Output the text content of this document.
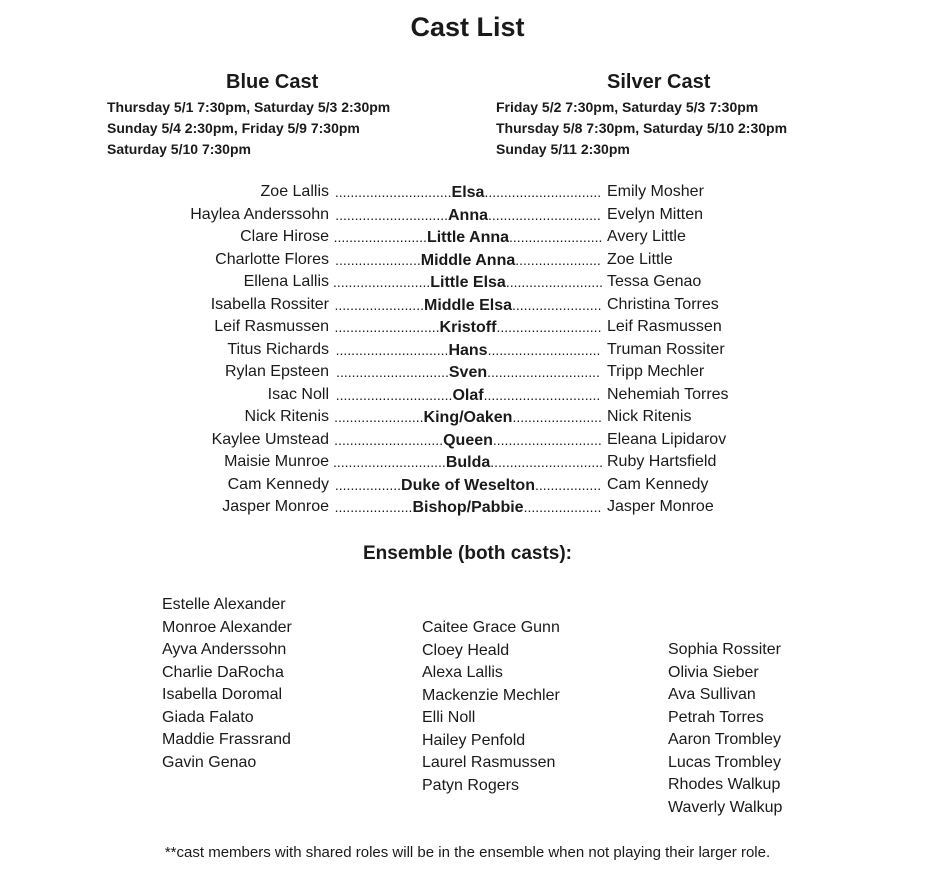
Cast List
Blue Cast	Silver Cast
Thursday 5/1 7:30pm, Saturday 5/3 2:30pm
Sunday 5/4 2:30pm, Friday 5/9 7:30pm
Saturday 5/10 7:30pm
Friday 5/2 7:30pm, Saturday 5/3 7:30pm
Thursday 5/8 7:30pm, Saturday 5/10 2:30pm
Sunday 5/11 2:30pm
Zoe Lallis ..............................Elsa.............................. Emily Mosher
Haylea Anderssohn .............................Anna............................. Evelyn Mitten
Clare Hirose ........................Little Anna........................ Avery Little
Charlotte Flores ......................Middle Anna...................... Zoe Little
Ellena Lallis .........................Little Elsa......................... Tessa Genao
Isabella Rossiter .......................Middle Elsa....................... Christina Torres
Leif Rasmussen ...........................Kristoff........................... Leif Rasmussen
Titus Richards .............................Hans............................. Truman Rossiter
Rylan Epsteen .............................Sven............................. Tripp Mechler
Isac Noll ..............................Olaf.............................. Nehemiah Torres
Nick Ritenis .......................King/Oaken....................... Nick Ritenis
Kaylee Umstead ............................Queen............................ Eleana Lipidarov
Maisie Munroe .............................Bulda............................. Ruby Hartsfield
Cam Kennedy .................Duke of Weselton................. Cam Kennedy
Jasper Monroe ....................Bishop/Pabbie.................... Jasper Monroe
Ensemble (both casts):
Estelle Alexander
Monroe Alexander
Ayva Anderssohn
Charlie DaRocha
Isabella Doromal
Giada Falato
Maddie Frassrand
Gavin Genao
Caitee Grace Gunn
Cloey Heald
Alexa Lallis
Mackenzie Mechler
Elli Noll
Hailey Penfold
Laurel Rasmussen
Patyn Rogers
Sophia Rossiter
Olivia Sieber
Ava Sullivan
Petrah Torres
Aaron Trombley
Lucas Trombley
Rhodes Walkup
Waverly Walkup
**cast members with shared roles will be in the ensemble when not playing their larger role.
